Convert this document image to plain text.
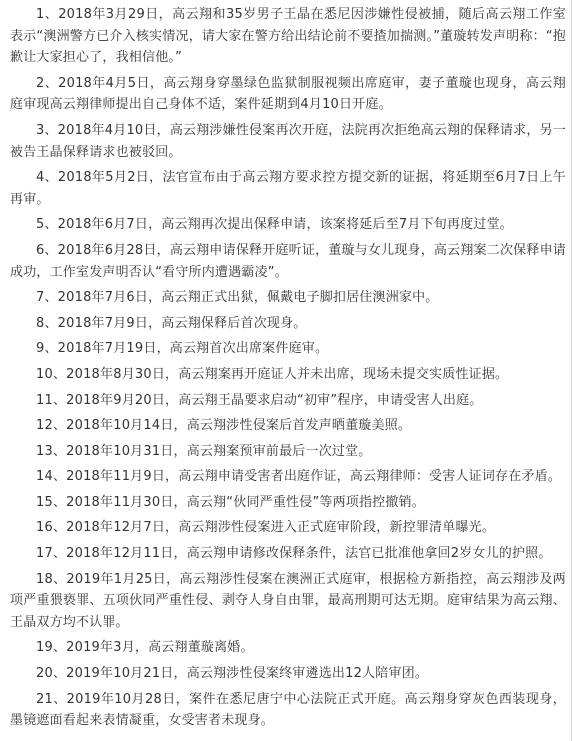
1、2018年3月29日，高云翔和35岁男子王晶在悉尼因涉嫌性侵被捕，随后高云翔工作室表示“澳洲警方已介入核实情况，请大家在警方给出结论前不要揸加揣测。”董璇转发声明称：“抱歉让大家担心了，我相信他。”

2、2018年4月5日，高云翔身穿墨绿色监狱制服视频出席庭审，妻子董璇也现身，高云翔庭审现高云翔律师提出自己身体不适，案件延期到4月10日开庭。

3、2018年4月10日，高云翔涉嫌性侵案再次开庭，法院再次拒绝高云翔的保释请求，另一被告王晶保释请求也被驳回。

4、2018年5月2日，法官宣布由于高云翔方要求控方提交新的证据，将延期至6月7日上午再审。

5、2018年6月7日，高云翔再次提出保释申请，该案将延后至7月下旬再度过堂。

6、2018年6月28日，高云翔申请保释开庭听证，董璇与女儿现身，高云翔案二次保释申请成功，工作室发声明否认“看守所内遭遇霸凌”。

7、2018年7月6日，高云翔正式出狱，佩戴电子脚扣居住澳洲家中。

8、2018年7月9日，高云翔保释后首次现身。

9、2018年7月19日，高云翔首次出席案件庭审。

10、2018年8月30日，高云翔案再开庭证人并未出席，现场未提交实质性证据。

11、2018年9月20日，高云翔王晶要求启动“初审”程序，申请受害人出庭。

12、2018年10月14日，高云翔涉性侵案后首发声晒董璇美照。

13、2018年10月31日，高云翔案预审前最后一次过堂。

14、2018年11月9日，高云翔申请受害者出庭作证，高云翔律师：受害人证词存在矛盾。

15、2018年11月30日，高云翔“伙同严重性侵”等两项指控撤销。

16、2018年12月7日，高云翔涉性侵案进入正式庭审阶段，新控罪清单曝光。

17、2018年12月11日，高云翔申请修改保释条件，法官已批准他拿回2岁女儿的护照。

18、2019年1月25日，高云翔涉性侵案在澳洲正式庭审，根据检方新指控，高云翔涉及两项严重猥亵罪、五项伙同严重性侵、剥夺人身自由罪，最高刑期可达无期。庭审结果为高云翔、王晶双方均不认罪。

19、2019年3月，高云翔董璇离婚。

20、2019年10月21日，高云翔涉性侵案终审遴选出12人陪审团。

21、2019年10月28日，案件在悉尼唐宁中心法院正式开庭。高云翔身穿灰色西装现身，墨镜遮面看起来表情凝重，女受害者未现身。
